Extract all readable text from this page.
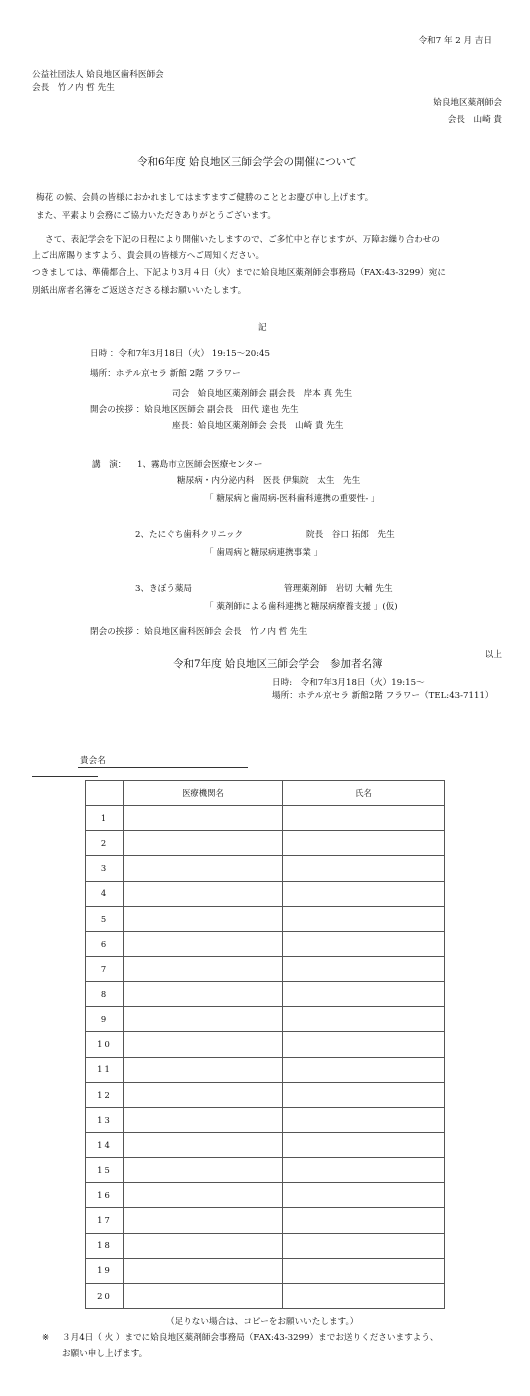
令和7 年 2 月 吉日
公益社団法人 姶良地区歯科医師会
会長　竹ノ内 哲 先生
姶良地区薬剤師会
会長　山崎 貴
令和6年度 姶良地区三師会学会の開催について

梅花 の候、会員の皆様におかれましてはますますご健勝のこととお慶び申し上げます。

また、平素より会務にご協力いただきありがとうございます。

さて、表記学会を下記の日程により開催いたしますので、ご多忙中と存じますが、万障お繰り合わせの

上ご出席賜りますよう、貴会員の皆様方へご周知ください。

つきましては、準備都合上、下記より3月４日（火）までに姶良地区薬剤師会事務局（FAX:43-3299）宛に

別紙出席者名簿をご返送さださる様お願いいたします。

記
日時 ：令和7年3月18日（火） 19:15～20:45
場所：ホテル京セラ 新館 2階 フラワー
司会　姶良地区薬剤師会 副会長　岸本 真 先生
開会の挨拶 ：姶良地区医師会 副会長　田代 達也 先生
座長：姶良地区薬剤師会 会長　山崎 貴 先生
講　演： 1、霧島市立医師会医療センター
糖尿病・内分泌内科　医長 伊集院　太生　先生
「 糖尿病と歯周病-医科歯科連携の重要性- 」
2、たにぐち歯科クリニック	院長　谷口 拓郎　先生
「 歯周病と糖尿病連携事業 」
3、きぼう薬局	管理薬剤師　岩切 大輔 先生
「 薬剤師による歯科連携と糖尿病療養支援 」(仮)
閉会の挨拶 ：姶良地区歯科医師会 会長　竹ノ内 哲 先生
以上
令和7年度 姶良地区三師会学会　参加者名簿
日時:　令和7年3月18日（火）19:15～
場所：ホテル京セラ 新館2階 フラワー（TEL:43-7111）
貴会名
	医療機関名	氏名
1		
2		
3		
4		
5		
6		
7		
8		
9		
10		
11		
12		
13		
14		
15		
16		
17		
18		
19		
20		
（足りない場合は、コピーをお願いいたします。）
※ ３月4日（ 火 ）までに姶良地区薬剤師会事務局（FAX:43-3299）までお送りくださいますよう、
お願い申し上げます。
